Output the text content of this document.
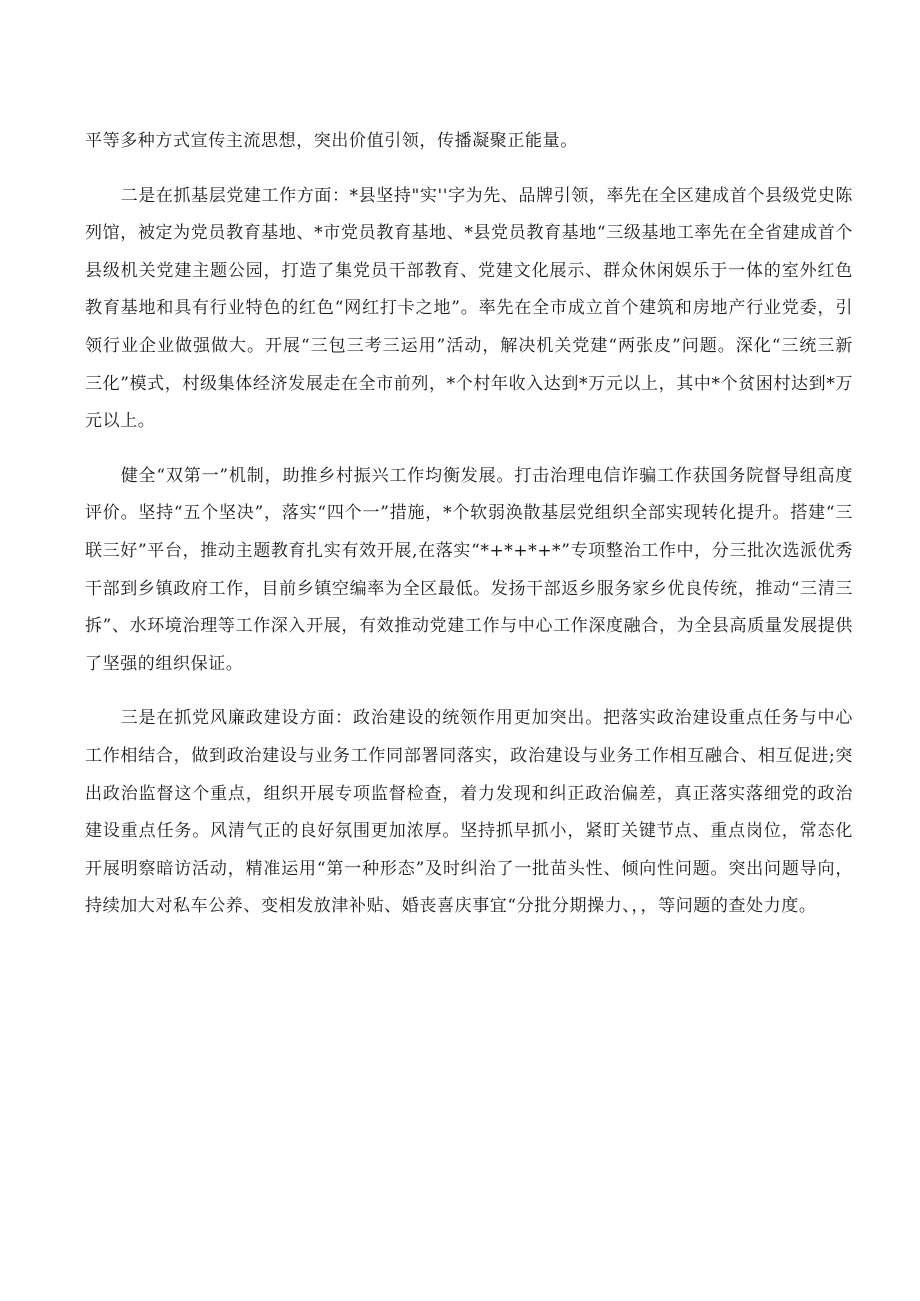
平等多种方式宣传主流思想，突出价值引领，传播凝聚正能量。

二是在抓基层党建工作方面：*县坚持"实''字为先、品牌引领，率先在全区建成首个县级党史陈列馆，被定为党员教育基地、*市党员教育基地、*县党员教育基地“三级基地工率先在全省建成首个县级机关党建主题公园，打造了集党员干部教育、党建文化展示、群众休闲娱乐于一体的室外红色教育基地和具有行业特色的红色“网红打卡之地”。率先在全市成立首个建筑和房地产行业党委，引领行业企业做强做大。开展“三包三考三运用”活动，解决机关党建“两张皮”问题。深化“三统三新三化”模式，村级集体经济发展走在全市前列，*个村年收入达到*万元以上，其中*个贫困村达到*万元以上。

健全“双第一”机制，助推乡村振兴工作均衡发展。打击治理电信诈骗工作获国务院督导组高度评价。坚持“五个坚决”，落实“四个一”措施，*个软弱涣散基层党组织全部实现转化提升。搭建“三联三好”平台，推动主题教育扎实有效开展,在落实“*+*+*+*”专项整治工作中，分三批次选派优秀干部到乡镇政府工作，目前乡镇空编率为全区最低。发扬干部返乡服务家乡优良传统，推动“三清三拆”、水环境治理等工作深入开展，有效推动党建工作与中心工作深度融合，为全县高质量发展提供了坚强的组织保证。

三是在抓党风廉政建设方面：政治建设的统领作用更加突出。把落实政治建设重点任务与中心工作相结合，做到政治建设与业务工作同部署同落实，政治建设与业务工作相互融合、相互促进;突出政治监督这个重点，组织开展专项监督检查，着力发现和纠正政治偏差，真正落实落细党的政治建设重点任务。风清气正的良好氛围更加浓厚。坚持抓早抓小，紧盯关键节点、重点岗位，常态化开展明察暗访活动，精准运用“第一种形态”及时纠治了一批苗头性、倾向性问题。突出问题导向，持续加大对私车公养、变相发放津补贴、婚丧喜庆事宜“分批分期操力、，，等问题的查处力度。
